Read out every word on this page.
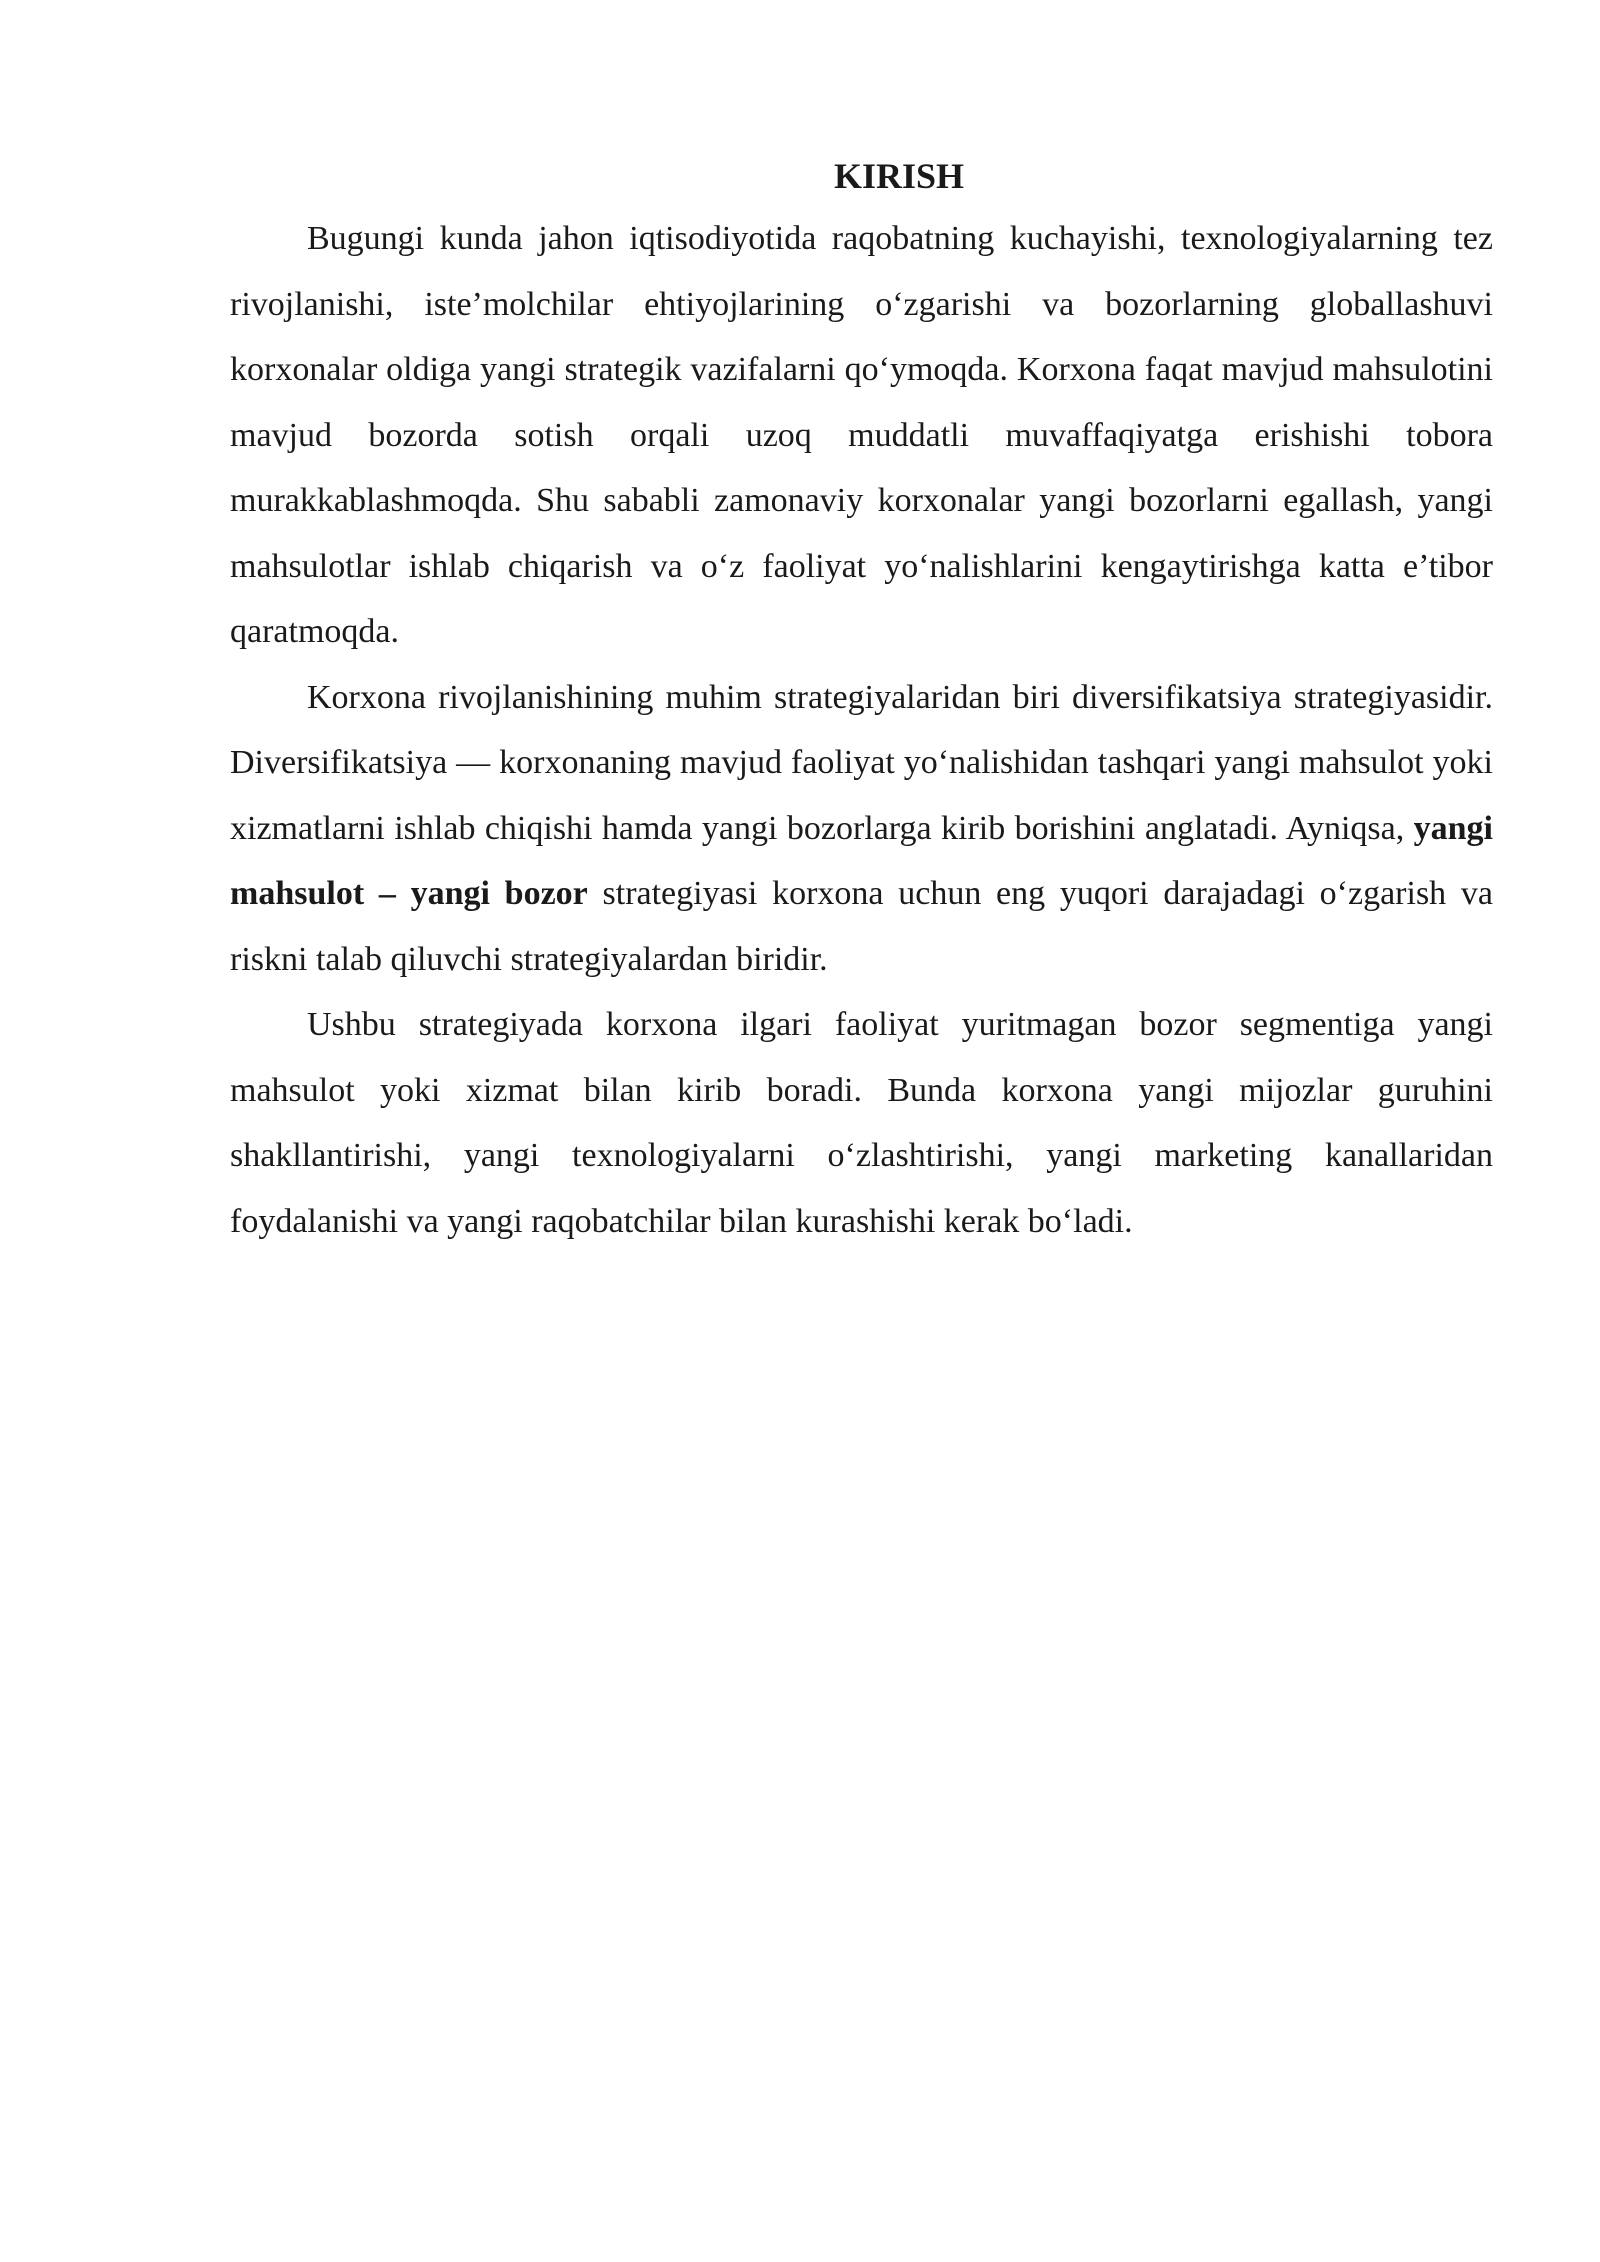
KIRISH

Bugungi kunda jahon iqtisodiyotida raqobatning kuchayishi, texnologiyalarning tez rivojlanishi, iste’molchilar ehtiyojlarining o‘zgarishi va bozorlarning globallashuvi korxonalar oldiga yangi strategik vazifalarni qo‘ymoqda. Korxona faqat mavjud mahsulotini mavjud bozorda sotish orqali uzoq muddatli muvaffaqiyatga erishishi tobora murakkablashmoqda. Shu sababli zamonaviy korxonalar yangi bozorlarni egallash, yangi mahsulotlar ishlab chiqarish va o‘z faoliyat yo‘nalishlarini kengaytirishga katta e’tibor qaratmoqda.

Korxona rivojlanishining muhim strategiyalaridan biri diversifikatsiya strategiyasidir. Diversifikatsiya — korxonaning mavjud faoliyat yo‘nalishidan tashqari yangi mahsulot yoki xizmatlarni ishlab chiqishi hamda yangi bozorlarga kirib borishini anglatadi. Ayniqsa, yangi mahsulot – yangi bozor strategiyasi korxona uchun eng yuqori darajadagi o‘zgarish va riskni talab qiluvchi strategiyalardan biridir.

Ushbu strategiyada korxona ilgari faoliyat yuritmagan bozor segmentiga yangi mahsulot yoki xizmat bilan kirib boradi. Bunda korxona yangi mijozlar guruhini shakllantirishi, yangi texnologiyalarni o‘zlashtirishi, yangi marketing kanallaridan foydalanishi va yangi raqobatchilar bilan kurashishi kerak bo‘ladi.
